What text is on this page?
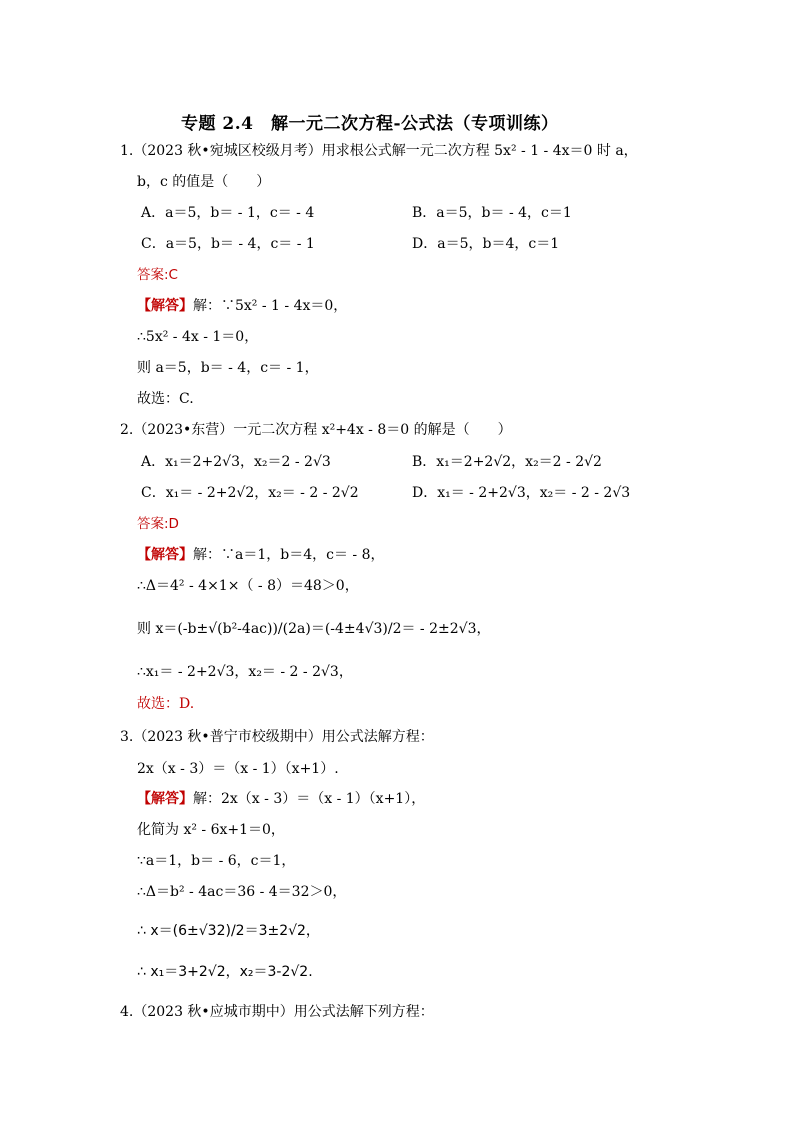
专题 2.4　解一元二次方程-公式法（专项训练）
1.（2023 秋•宛城区校级月考）用求根公式解一元二次方程 5x² - 1 - 4x＝0 时 a，
b，c 的值是（　　）
A．a＝5，b＝ - 1，c＝ - 4	B．a＝5，b＝ - 4，c＝1
C．a＝5，b＝ - 4，c＝ - 1	D．a＝5，b＝4，c＝1
答案:C
【解答】解：∵5x² - 1 - 4x＝0，
∴5x² - 4x - 1＝0，
则 a＝5，b＝ - 4，c＝ - 1，
故选：C.
2.（2023•东营）一元二次方程 x²+4x - 8＝0 的解是（　　）
A．x₁＝2+2√3，x₂＝2 - 2√3	B．x₁＝2+2√2，x₂＝2 - 2√2
C．x₁＝ - 2+2√2，x₂＝ - 2 - 2√2	D．x₁＝ - 2+2√3，x₂＝ - 2 - 2√3
答案:D
【解答】解：∵a＝1，b＝4，c＝ - 8，
∴Δ＝4² - 4×1×（ - 8）＝48＞0，
则 x＝(-b±√(b²-4ac))/(2a)＝(-4±4√3)/2＝ - 2±2√3，
∴x₁＝ - 2+2√3，x₂＝ - 2 - 2√3，
故选：D.
3.（2023 秋•普宁市校级期中）用公式法解方程：
2x（x - 3）＝（x - 1）（x+1）.
【解答】解：2x（x - 3）＝（x - 1）（x+1），
化简为 x² - 6x+1＝0，
∵a＝1，b＝ - 6，c＝1，
∴Δ＝b² - 4ac＝36 - 4＝32＞0，
∴ x＝(6±√32)/2＝3±2√2，
∴ x₁＝3+2√2，x₂＝3-2√2.
4.（2023 秋•应城市期中）用公式法解下列方程：
